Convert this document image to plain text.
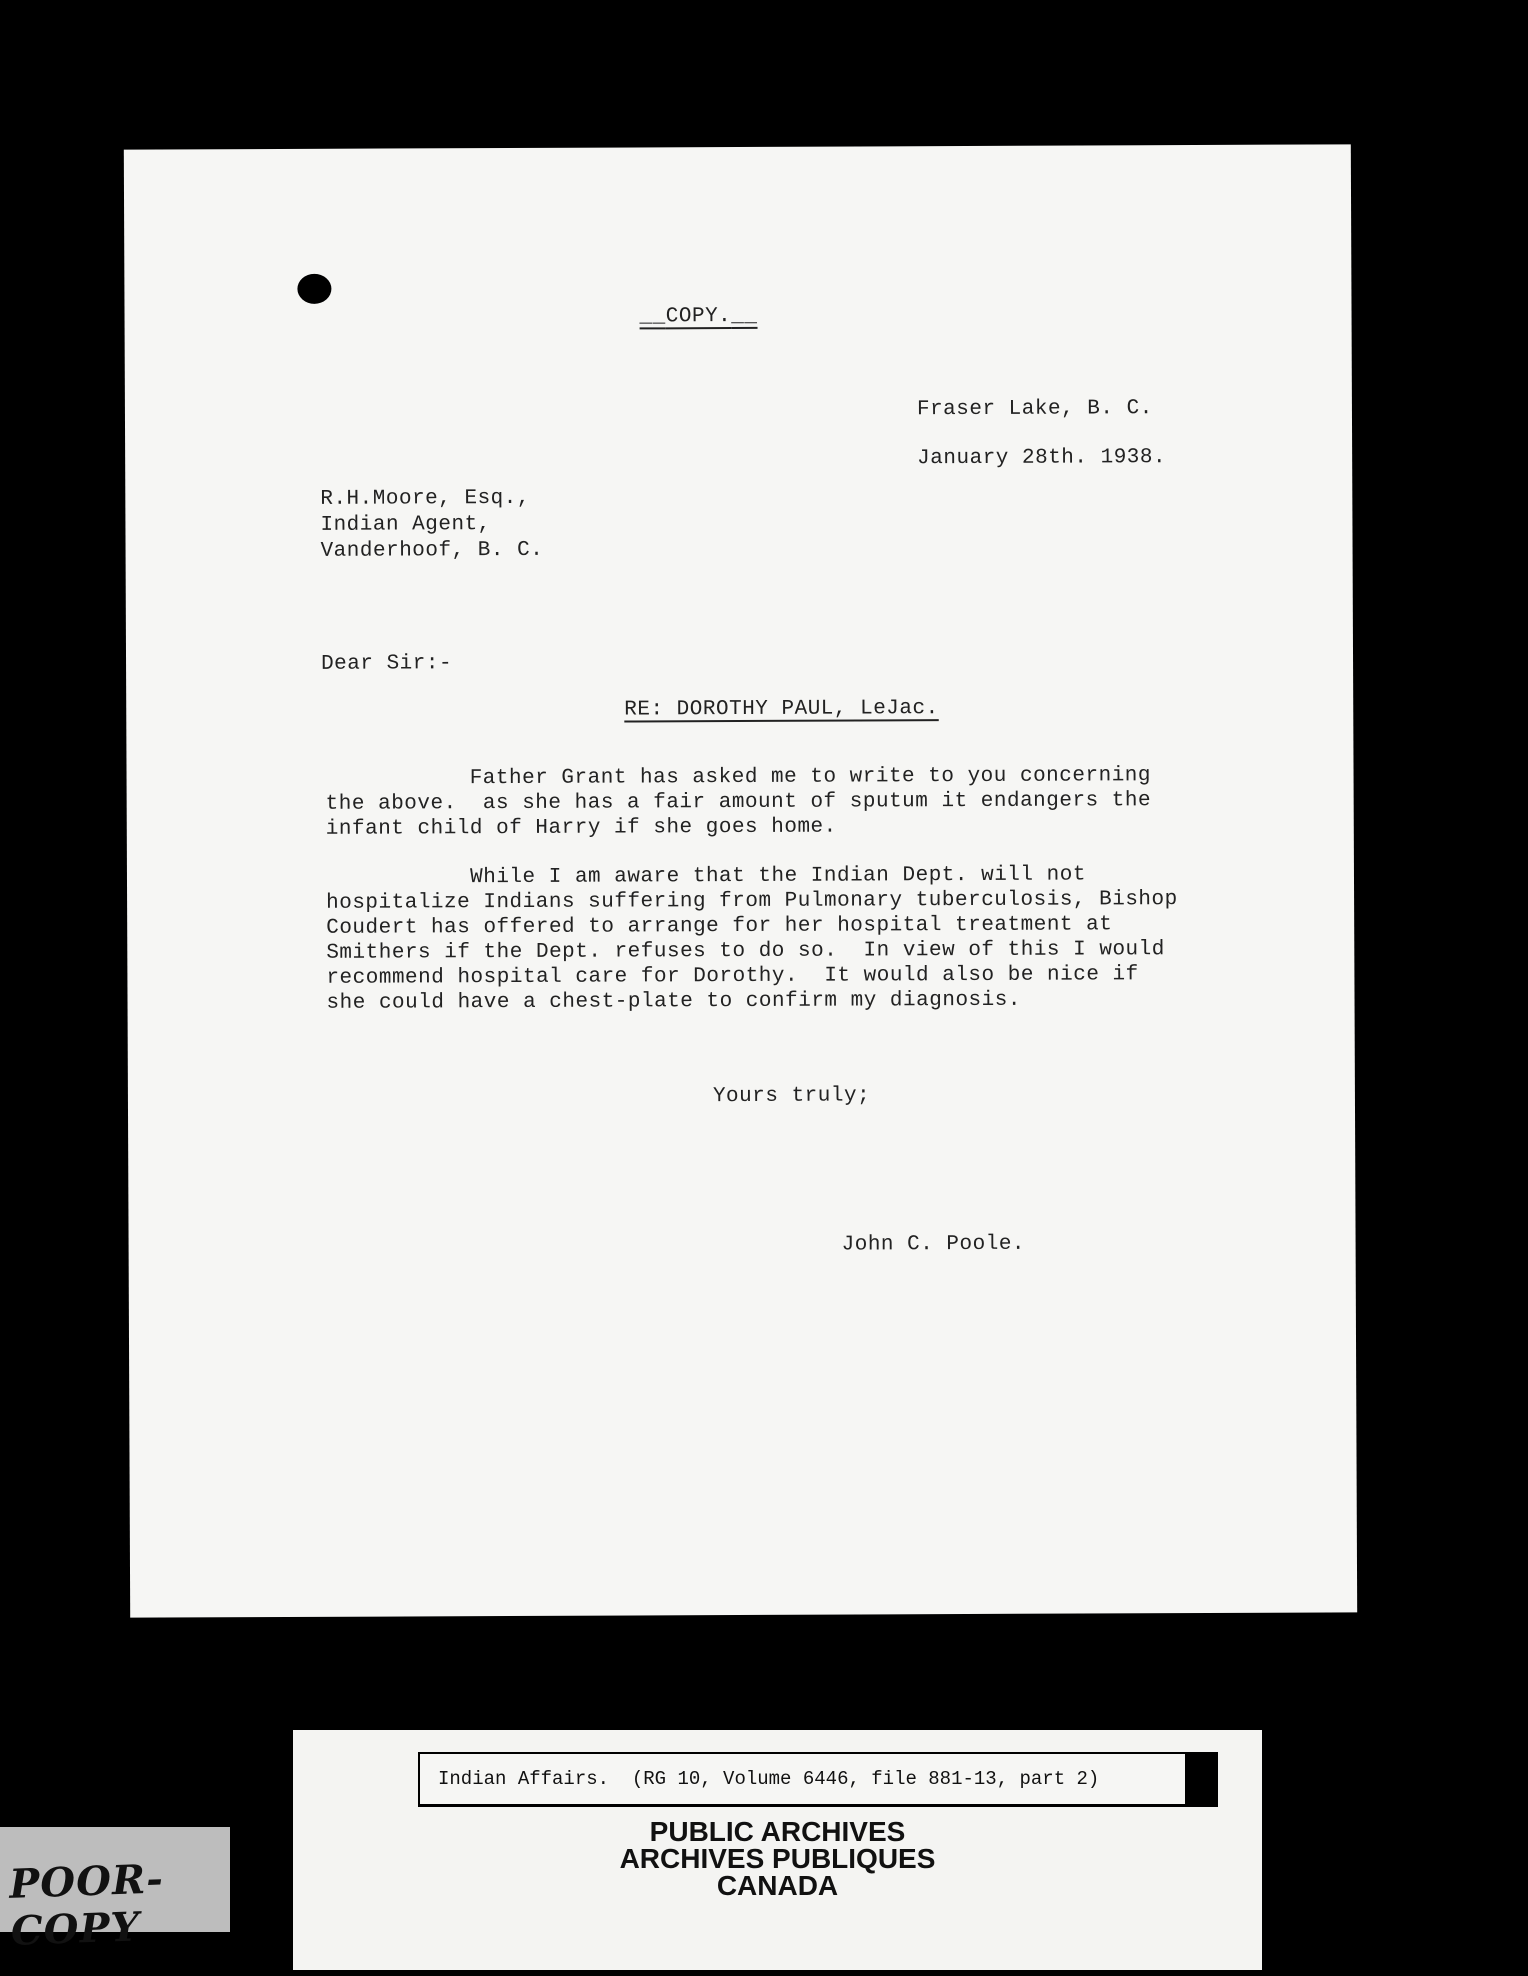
__ COPY. __
Fraser Lake, B. C.
January 28th. 1938.
R.H.Moore, Esq.,
Indian Agent,
Vanderhoof, B. C.
Dear Sir:-
RE: DOROTHY PAUL, LeJac.
Father Grant has asked me to write to you concerning
the above.  as she has a fair amount of sputum it endangers the
infant child of Harry if she goes home.
While I am aware that the Indian Dept. will not
hospitalize Indians suffering from Pulmonary tuberculosis, Bishop
Coudert has offered to arrange for her hospital treatment at
Smithers if the Dept. refuses to do so.  In view of this I would
recommend hospital care for Dorothy.  It would also be nice if
she could have a chest-plate to confirm my diagnosis.
Yours truly;
John C. Poole.
Indian Affairs.  (RG 10, Volume 6446, file 881-13, part 2)
PUBLIC ARCHIVES
ARCHIVES PUBLIQUES
CANADA
POOR-COPY
